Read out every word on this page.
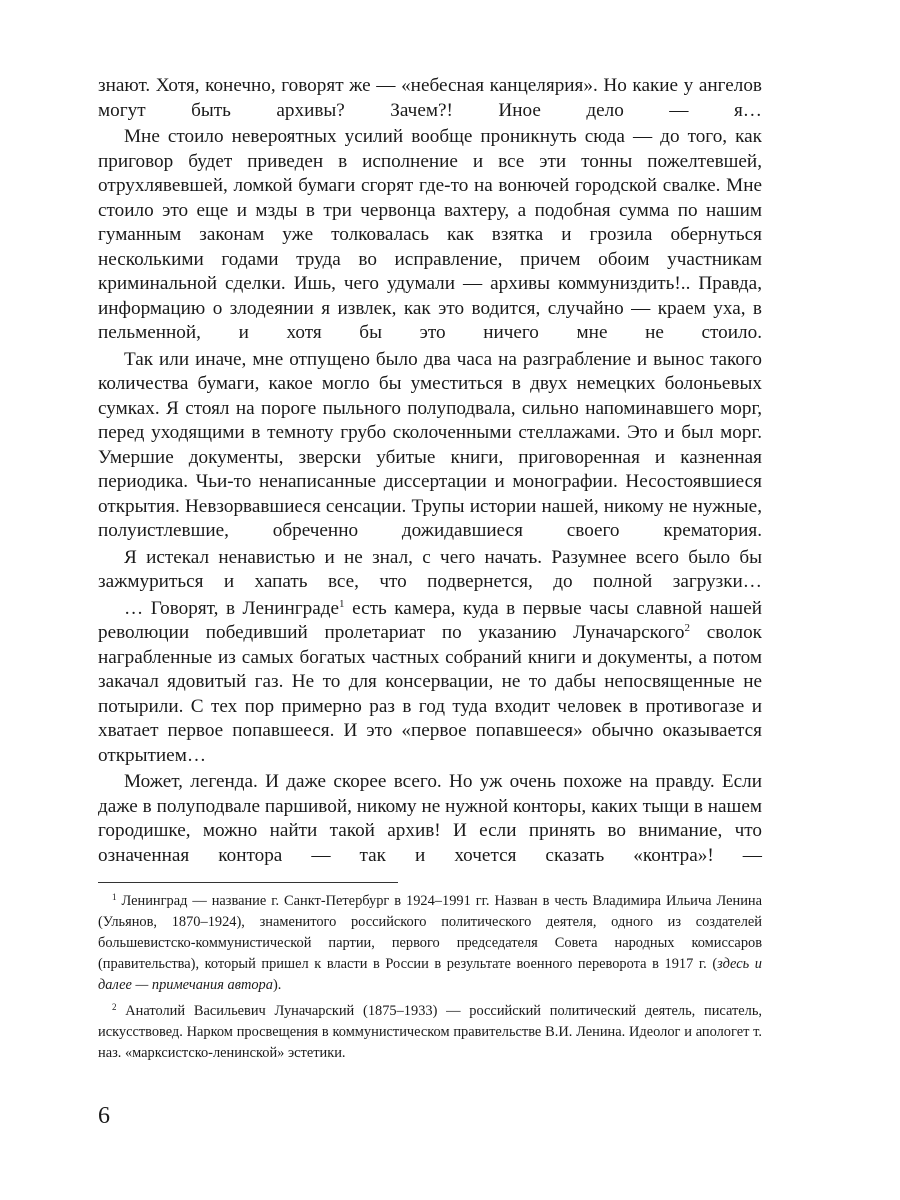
знают. Хотя, конечно, говорят же — «небесная канцелярия». Но какие у ангелов могут быть архивы? Зачем?! Иное дело — я…

Мне стоило невероятных усилий вообще проникнуть сюда — до того, как приговор будет приведен в исполнение и все эти тонны пожелтевшей, отрухлявевшей, ломкой бумаги сгорят где-то на вонючей городской свалке. Мне стоило это еще и мзды в три червонца вахтеру, а подобная сумма по нашим гуманным законам уже толковалась как взятка и грозила обернуться несколькими годами труда во исправление, причем обоим участникам криминальной сделки. Ишь, чего удумали — архивы коммуниздить!.. Правда, информацию о злодеянии я извлек, как это водится, случайно — краем уха, в пельменной, и хотя бы это ничего мне не стоило.

Так или иначе, мне отпущено было два часа на разграбление и вынос такого количества бумаги, какое могло бы уместиться в двух немецких болоньевых сумках. Я стоял на пороге пыльного полуподвала, сильно напоминавшего морг, перед уходящими в темноту грубо сколоченными стеллажами. Это и был морг. Умершие документы, зверски убитые книги, приговоренная и казненная периодика. Чьи-то ненаписанные диссертации и монографии. Несостоявшиеся открытия. Невзорвавшиеся сенсации. Трупы истории нашей, никому не нужные, полуистлевшие, обреченно дожидавшиеся своего крематория.

Я истекал ненавистью и не знал, с чего начать. Разумнее всего было бы зажмуриться и хапать все, что подвернется, до полной загрузки…

… Говорят, в Ленинграде$^1$ есть камера, куда в первые часы славной нашей революции победивший пролетариат по указанию Луначарского$^2$ сволок награбленные из самых богатых частных собраний книги и документы, а потом закачал ядовитый газ. Не то для консервации, не то дабы непосвященные не потырили. С тех пор примерно раз в год туда входит человек в противогазе и хватает первое попавшееся. И это «первое попавшееся» обычно оказывается открытием…

Может, легенда. И даже скорее всего. Но уж очень похоже на правду. Если даже в полуподвале паршивой, никому не нужной конторы, каких тыщи в нашем городишке, можно найти такой архив! И если принять во внимание, что означенная контора — так и хочется сказать «контра»! —

$^1$ Ленинград — название г. Санкт-Петербург в 1924–1991 гг. Назван в честь Владимира Ильича Ленина (Ульянов, 1870–1924), знаменитого российского политического деятеля, одного из создателей большевистско-коммунистической партии, первого председателя Совета народных комиссаров (правительства), который пришел к власти в России в результате военного переворота в 1917 г. (здесь и далее — примечания автора).

$^2$ Анатолий Васильевич Луначарский (1875–1933) — российский политический деятель, писатель, искусствовед. Нарком просвещения в коммунистическом правительстве В.И. Ленина. Идеолог и апологет т. наз. «марксистско-ленинской» эстетики.

6
